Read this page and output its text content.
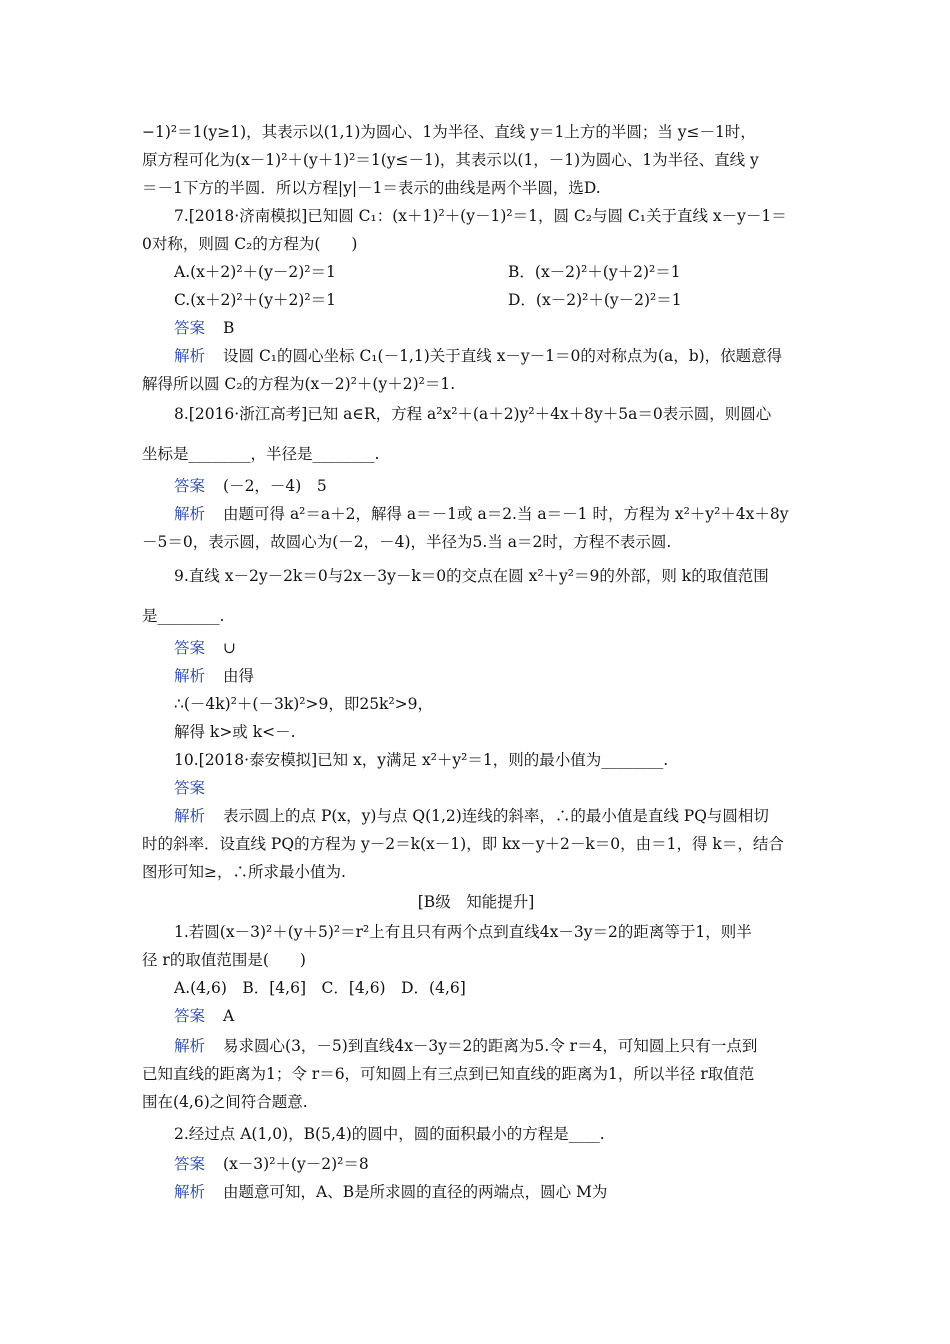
−1)²＝1(y≥1)，其表示以(1,1)为圆心、1为半径、直线 y＝1上方的半圆；当 y≤－1时，
原方程可化为(x－1)²＋(y＋1)²＝1(y≤－1)，其表示以(1，－1)为圆心、1为半径、直线 y
＝－1下方的半圆．所以方程|y|－1＝表示的曲线是两个半圆，选D.
7.[2018·济南模拟]已知圆 C₁：(x＋1)²＋(y－1)²＝1，圆 C₂与圆 C₁关于直线 x－y－1＝
0对称，则圆 C₂的方程为(　　)
A.(x＋2)²＋(y－2)²＝1	B．(x－2)²＋(y＋2)²＝1
C.(x＋2)²＋(y＋2)²＝1	D．(x－2)²＋(y－2)²＝1
答案 B
解析 设圆 C₁的圆心坐标 C₁(－1,1)关于直线 x－y－1＝0的对称点为(a，b)，依题意得
解得所以圆 C₂的方程为(x－2)²＋(y＋2)²＝1.
8.[2016·浙江高考]已知 a∈R，方程 a²x²＋(a＋2)y²＋4x＋8y＋5a＝0表示圆，则圆心
坐标是________，半径是________.
答案 (－2，－4)　5
解析 由题可得 a²＝a＋2，解得 a＝－1或 a＝2.当 a＝－1 时，方程为 x²＋y²＋4x＋8y
－5＝0，表示圆，故圆心为(－2，－4)，半径为5.当 a＝2时，方程不表示圆.
9.直线 x－2y－2k＝0与2x－3y－k＝0的交点在圆 x²＋y²＝9的外部，则 k的取值范围
是________.
答案 ∪
解析 由得
∴(－4k)²＋(－3k)²>9，即25k²>9，
解得 k>或 k<－.
10.[2018·泰安模拟]已知 x，y满足 x²＋y²＝1，则的最小值为________.
答案
解析 表示圆上的点 P(x，y)与点 Q(1,2)连线的斜率，∴的最小值是直线 PQ与圆相切
时的斜率．设直线 PQ的方程为 y－2＝k(x－1)，即 kx－y＋2－k＝0，由＝1，得 k＝，结合
图形可知≥，∴所求最小值为.
[B级　知能提升]
1.若圆(x－3)²＋(y＋5)²＝r²上有且只有两个点到直线4x－3y＝2的距离等于1，则半
径 r的取值范围是(　　)
A.(4,6)　B．[4,6]　C．[4,6)　D．(4,6]
答案 A
解析 易求圆心(3，－5)到直线4x－3y＝2的距离为5.令 r＝4，可知圆上只有一点到
已知直线的距离为1；令 r＝6，可知圆上有三点到已知直线的距离为1，所以半径 r取值范
围在(4,6)之间符合题意.
2.经过点 A(1,0)，B(5,4)的圆中，圆的面积最小的方程是____.
答案 (x－3)²＋(y－2)²＝8
解析 由题意可知，A、B是所求圆的直径的两端点，圆心 M为
